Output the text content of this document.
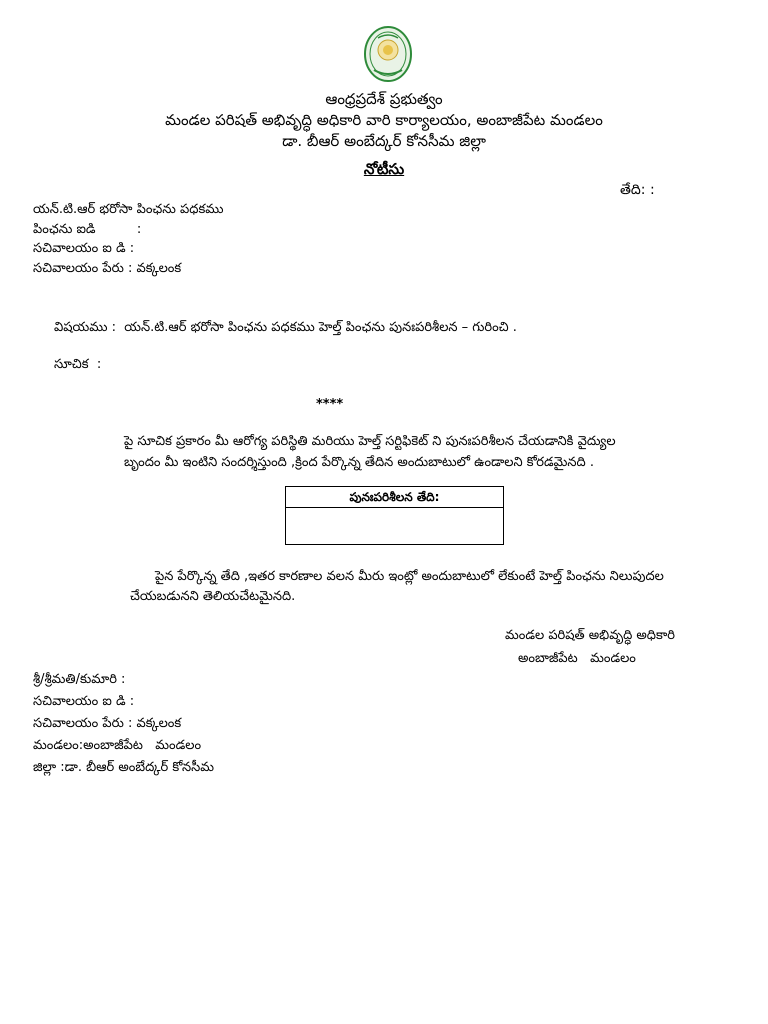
ఆంధ్రప్రదేశ్ ప్రభుత్వం
మండల పరిషత్ అభివృద్ధి అధికారి వారి కార్యాలయం, అంబాజీపేట మండలం
డా. బీఆర్ అంబేద్కర్ కోనసీమ జిల్లా
నోటీసు
తేది: :
యన్.టి.ఆర్ భరోసా పింఛను పధకము
పింఛను ఐడి          :
సచివాలయం ఐ డి :
సచివాలయం పేరు : వక్కలంక
విషయము :  యన్.టి.ఆర్ భరోసా పింఛను పధకము హెల్త్ పింఛను పునఃపరిశీలన – గురించి .
సూచిక  :
****
పై సూచిక ప్రకారం మీ ఆరోగ్య పరిస్థితి మరియు హెల్త్ సర్టిఫికెట్ ని పునఃపరిశీలన చేయడానికి వైద్యుల
బృందం మీ ఇంటిని సందర్శిస్తుంది ,క్రింద పేర్కొన్న తేదిన అందుబాటులో ఉండాలని కోరడమైనది .
పునఃపరిశీలన తేది:
పైన పేర్కొన్న తేది ,ఇతర కారణాల వలన మీరు ఇంట్లో అందుబాటులో లేకుంటే హెల్త్ పింఛను నిలుపుదల
చేయబడునని తెలియచేటమైనది.
మండల పరిషత్ అభివృద్ధి అధికారి
అంబాజీపేట   మండలం
శ్రీ/శ్రీమతి/కుమారి :
సచివాలయం ఐ డి :
సచివాలయం పేరు : వక్కలంక
మండలం:అంబాజీపేట   మండలం
జిల్లా :డా. బీఆర్ అంబేద్కర్ కోనసీమ
